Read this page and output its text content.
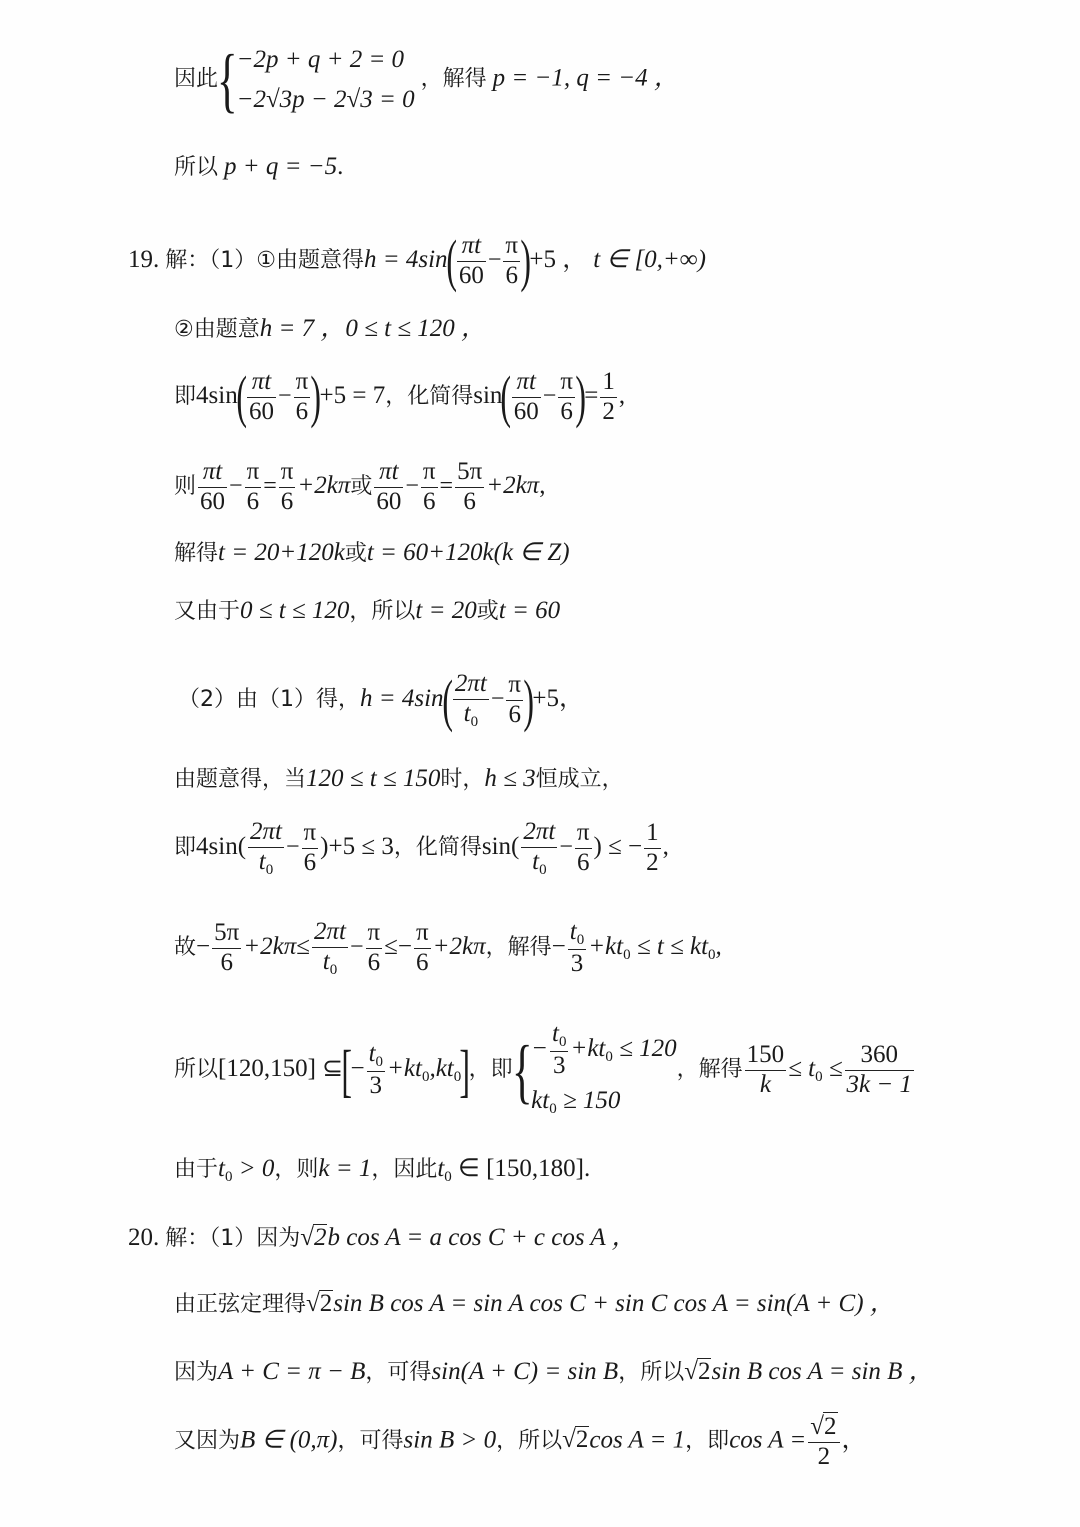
因此{
−2p + q + 2 = 0
−2√3p − 2√3 = 0
，解得 p = −1, q = −4 ，
所以 p + q = −5.
19. 解：（1）①由题意得$h = 4\sin( \frac{\pi t}{60} - \frac{\pi}{6} )+5$ ， t ∈ [0,+∞)
②由题意h = 7 ，0 ≤ t ≤ 120 ，
即$4\sin( \frac{\pi t}{60} - \frac{\pi}{6} )+5 = 7$，化简得$\sin( \frac{\pi t}{60} - \frac{\pi}{6}$ )= $\frac{1}{2}$ ,
则 $\frac{\pi t}{60} - \frac{\pi}{6} = \frac{\pi}{6} +2k\pi$或 $\frac{\pi t}{60} - \frac{\pi}{6} = \frac{5\pi}{6} +2k\pi$,
解得t = 20+120k或t = 60+120k(k ∈ Z)
又由于0 ≤ t ≤ 120，所以t = 20或t = 60
（2）由（1）得，$h = 4\sin( \frac{2\pi t}{t_0} - \frac{\pi}{6} )+5$，
由题意得，当120 ≤ t ≤ 150时，h ≤ 3恒成立，
即$4\sin( \frac{2\pi t}{t_0} - \frac{\pi}{6} )+5 \le 3$，化简得$\sin( \frac{2\pi t}{t_0} - \frac{\pi}{6}$ ) ≤ − $\frac{1}{2}$ ,
故− $\frac{5\pi}{6} +2k\pi\le \frac{2\pi t}{t_0} - \frac{\pi}{6} \le- \frac{\pi}{6} +2k\pi$，解得− $\frac{t_0}{3} +kt_0 \le t \le kt_0$,
所以[120,150] ⊆[− $\frac{t_0}{3} +kt_0,kt_0$]，即{
− $\frac{t_0}{3} +kt_0 \le 120$
$kt_0 \ge 150$
，解得 $\frac{150}{k} \le t_0 \le \frac{360}{3k - 1}$
由于$t_0 > 0$，则k = 1，因此$t_0$ ∈ [150,180].
20. 解：（1）因为√2b cos A = a cos C + c cos A ，
由正弦定理得√2sin B cos A = sin A cos C + sin C cos A = sin(A + C) ，
因为A + C = π − B，可得sin(A + C) = sin B，所以√2sin B cos A = sin B ，
又因为B ∈ (0,π)，可得sin B > 0，所以√2cos A = 1，即$\cos A = \frac{√2}{2}$ ，
